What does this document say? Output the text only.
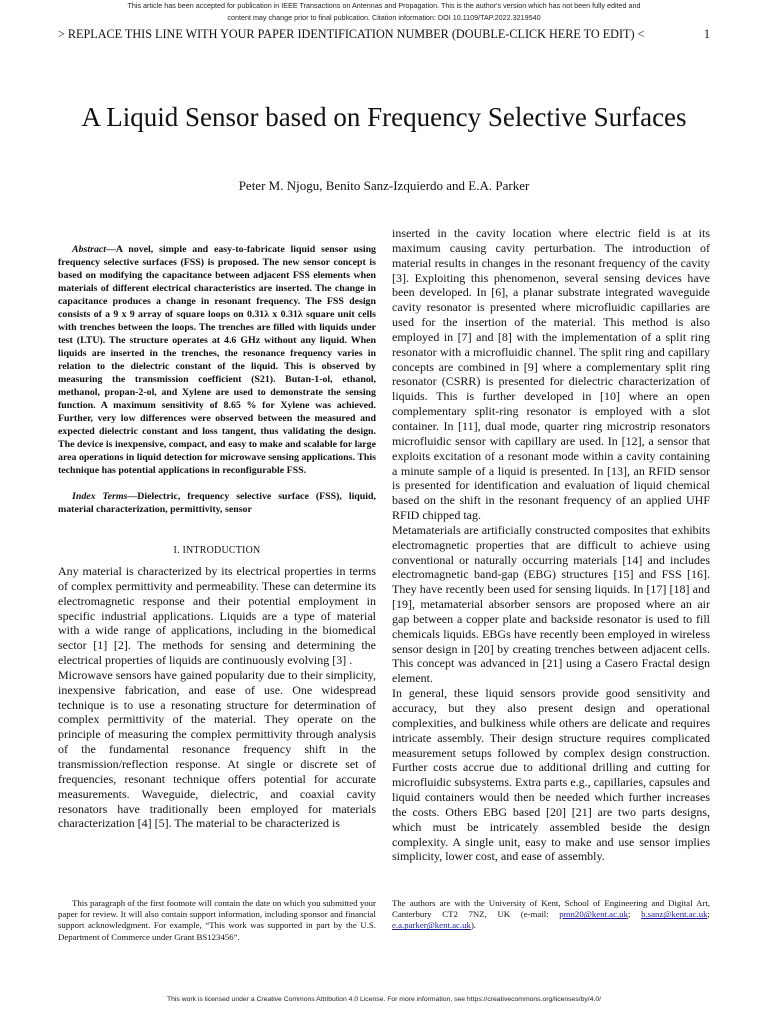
This article has been accepted for publication in IEEE Transactions on Antennas and Propagation. This is the author's version which has not been fully edited and
content may change prior to final publication. Citation information: DOI 10.1109/TAP.2022.3219540
> REPLACE THIS LINE WITH YOUR PAPER IDENTIFICATION NUMBER (DOUBLE-CLICK HERE TO EDIT) <	1
A Liquid Sensor based on Frequency Selective Surfaces
Peter M. Njogu, Benito Sanz-Izquierdo and E.A. Parker

Abstract—A novel, simple and easy-to-fabricate liquid sensor using frequency selective surfaces (FSS) is proposed. The new sensor concept is based on modifying the capacitance between adjacent FSS elements when materials of different electrical characteristics are inserted. The change in capacitance produces a change in resonant frequency. The FSS design consists of a 9 x 9 array of square loops on 0.31λ x 0.31λ square unit cells with trenches between the loops. The trenches are filled with liquids under test (LTU). The structure operates at 4.6 GHz without any liquid. When liquids are inserted in the trenches, the resonance frequency varies in relation to the dielectric constant of the liquid. This is observed by measuring the transmission coefficient (S21). Butan-1-ol, ethanol, methanol, propan-2-ol, and Xylene are used to demonstrate the sensing function. A maximum sensitivity of 8.65 % for Xylene was achieved. Further, very low differences were observed between the measured and expected dielectric constant and loss tangent, thus validating the design. The device is inexpensive, compact, and easy to make and scalable for large area operations in liquid detection for microwave sensing applications. This technique has potential applications in reconfigurable FSS.

Index Terms—Dielectric, frequency selective surface (FSS), liquid, material characterization, permittivity, sensor

I. INTRODUCTION

Any material is characterized by its electrical properties in terms of complex permittivity and permeability. These can determine its electromagnetic response and their potential employment in specific industrial applications. Liquids are a type of material with a wide range of applications, including in the biomedical sector [1] [2]. The methods for sensing and determining the electrical properties of liquids are continuously evolving [3] .

Microwave sensors have gained popularity due to their simplicity, inexpensive fabrication, and ease of use. One widespread technique is to use a resonating structure for determination of complex permittivity of the material. They operate on the principle of measuring the complex permittivity through analysis of the fundamental resonance frequency shift in the transmission/reflection response. At single or discrete set of frequencies, resonant technique offers potential for accurate measurements. Waveguide, dielectric, and coaxial cavity resonators have traditionally been employed for materials characterization [4] [5]. The material to be characterized is

inserted in the cavity location where electric field is at its maximum causing cavity perturbation. The introduction of material results in changes in the resonant frequency of the cavity [3]. Exploiting this phenomenon, several sensing devices have been developed. In [6], a planar substrate integrated waveguide cavity resonator is presented where microfluidic capillaries are used for the insertion of the material. This method is also employed in [7] and [8] with the implementation of a split ring resonator with a microfluidic channel. The split ring and capillary concepts are combined in [9] where a complementary split ring resonator (CSRR) is presented for dielectric characterization of liquids. This is further developed in [10] where an open complementary split-ring resonator is employed with a slot container. In [11], dual mode, quarter ring microstrip resonators microfluidic sensor with capillary are used. In [12], a sensor that exploits excitation of a resonant mode within a cavity containing a minute sample of a liquid is presented. In [13], an RFID sensor is presented for identification and evaluation of liquid chemical based on the shift in the resonant frequency of an applied UHF RFID chipped tag.

Metamaterials are artificially constructed composites that exhibits electromagnetic properties that are difficult to achieve using conventional or naturally occurring materials [14] and includes electromagnetic band-gap (EBG) structures [15] and FSS [16]. They have recently been used for sensing liquids. In [17] [18] and [19], metamaterial absorber sensors are proposed where an air gap between a copper plate and backside resonator is used to fill chemicals liquids. EBGs have recently been employed in wireless sensor design in [20] by creating trenches between adjacent cells. This concept was advanced in [21] using a Casero Fractal design element.

In general, these liquid sensors provide good sensitivity and accuracy, but they also present design and operational complexities, and bulkiness while others are delicate and requires intricate assembly. Their design structure requires complicated measurement setups followed by complex design construction. Further costs accrue due to additional drilling and cutting for microfluidic subsystems. Extra parts e.g., capillaries, capsules and liquid containers would then be needed which further increases the costs. Others EBG based [20] [21] are two parts designs, which must be intricately assembled beside the design complexity. A single unit, easy to make and use sensor implies simplicity, lower cost, and ease of assembly.

This paragraph of the first footnote will contain the date on which you submitted your paper for review. It will also contain support information, including sponsor and financial support acknowledgment. For example, “This work was supported in part by the U.S. Department of Commerce under Grant BS123456”.
The authors are with the University of Kent, School of Engineering and Digital Art, Canterbury CT2 7NZ, UK (e-mail: pmn20@kent.ac.uk; b.sanz@kent.ac.uk; e.a.parker@kent.ac.uk).
This work is licensed under a Creative Commons Attribution 4.0 License. For more information, see https://creativecommons.org/licenses/by/4.0/
